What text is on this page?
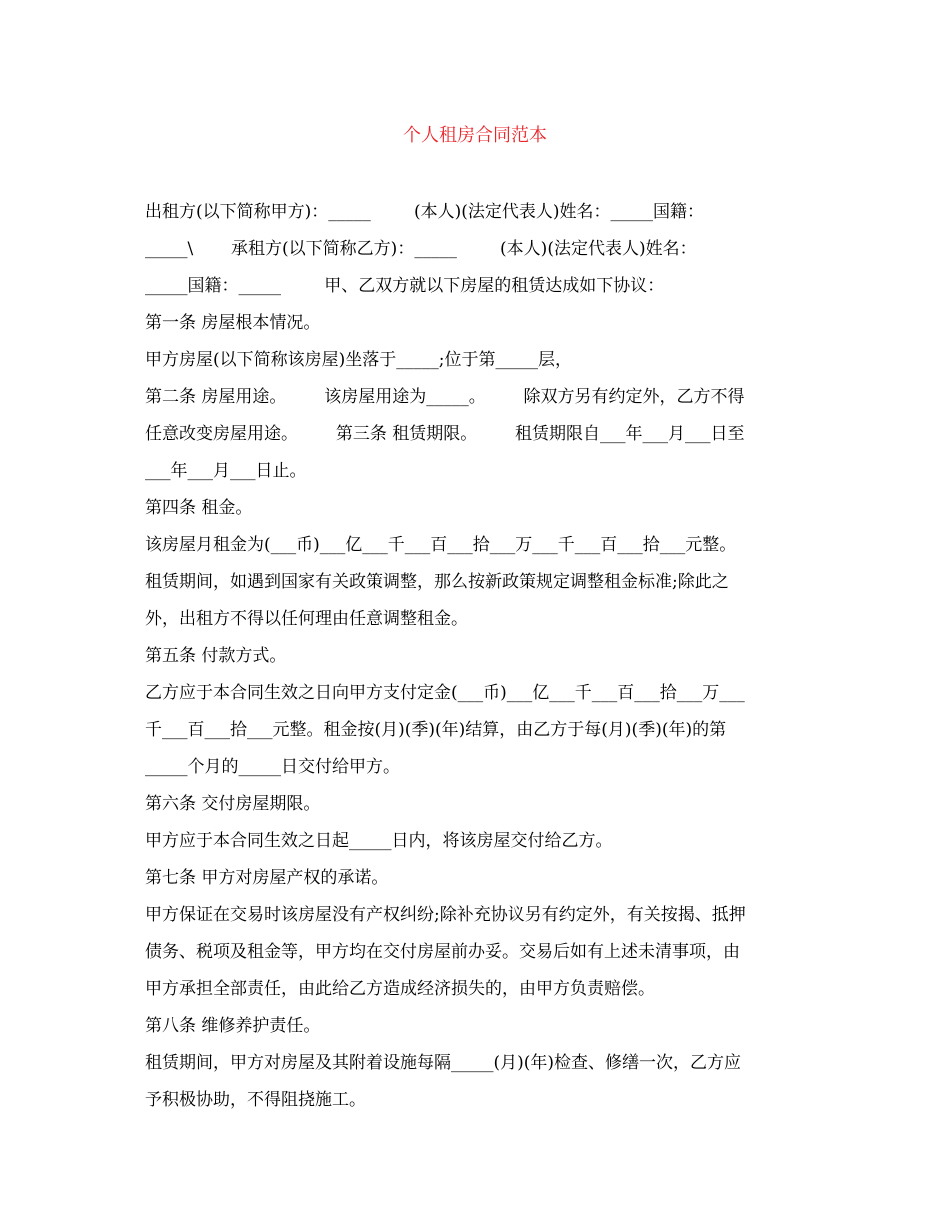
个人租房合同范本
出租方(以下简称甲方)：_____        (本人)(法定代表人)姓名：_____国籍：
_____\       承租方(以下简称乙方)：_____        (本人)(法定代表人)姓名：
_____国籍：_____        甲、乙双方就以下房屋的租赁达成如下协议：
第一条 房屋根本情况。
甲方房屋(以下简称该房屋)坐落于_____;位于第_____层，
第二条 房屋用途。       该房屋用途为_____。       除双方另有约定外，乙方不得
任意改变房屋用途。       第三条 租赁期限。       租赁期限自___年___月___日至
___年___月___日止。
第四条 租金。
该房屋月租金为(___币)___亿___千___百___拾___万___千___百___拾___元整。
租赁期间，如遇到国家有关政策调整，那么按新政策规定调整租金标准;除此之
外，出租方不得以任何理由任意调整租金。
第五条 付款方式。
乙方应于本合同生效之日向甲方支付定金(___币)___亿___千___百___拾___万___
千___百___拾___元整。租金按(月)(季)(年)结算，由乙方于每(月)(季)(年)的第
_____个月的_____日交付给甲方。
第六条 交付房屋期限。
甲方应于本合同生效之日起_____日内，将该房屋交付给乙方。
第七条 甲方对房屋产权的承诺。
甲方保证在交易时该房屋没有产权纠纷;除补充协议另有约定外，有关按揭、抵押
债务、税项及租金等，甲方均在交付房屋前办妥。交易后如有上述未清事项，由
甲方承担全部责任，由此给乙方造成经济损失的，由甲方负责赔偿。
第八条 维修养护责任。
租赁期间，甲方对房屋及其附着设施每隔_____(月)(年)检查、修缮一次，乙方应
予积极协助，不得阻挠施工。
